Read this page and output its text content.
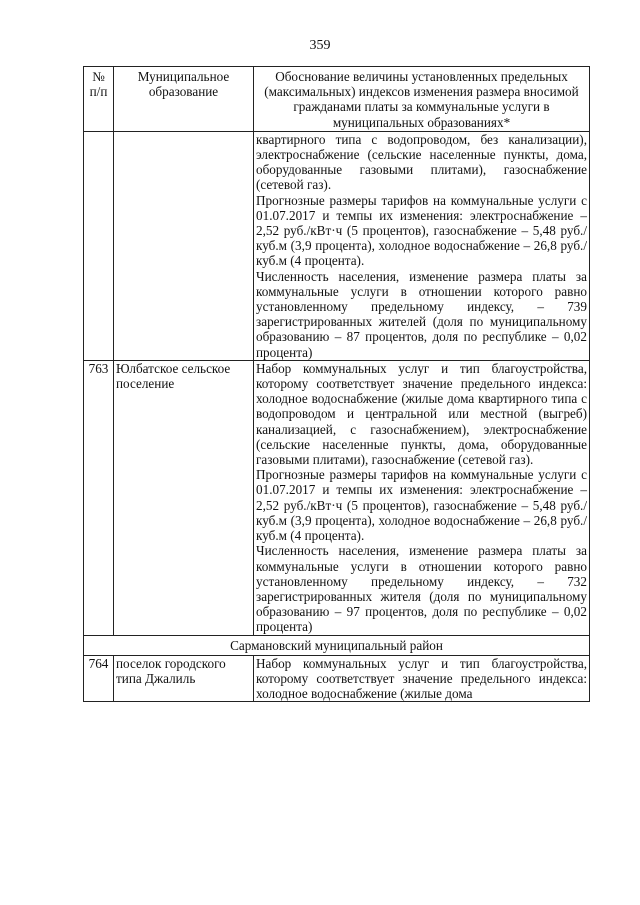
359
№ п/п	Муниципальное образование	Обоснование величины установленных предельных (максимальных) индексов изменения размера вносимой гражданами платы за коммунальные услуги в муниципальных образованиях*

		квартирного типа с водопроводом, без канализации), электроснабжение (сельские населенные пункты, дома, оборудованные газовыми плитами), газоснабжение (сетевой газ).
Прогнозные размеры тарифов на коммунальные услуги с 01.07.2017 и темпы их изменения: электроснабжение – 2,52 руб./кВт·ч (5 процентов), газоснабжение – 5,48 руб./куб.м (3,9 процента), холодное водоснабжение – 26,8 руб./куб.м (4 процента).
Численность населения, изменение размера платы за коммунальные услуги в отношении которого равно установленному предельному индексу, – 739 зарегистрированных жителей (доля по муниципальному образованию – 87 процентов, доля по республике – 0,02 процента)

763	Юлбатское сельское поселение	Набор коммунальных услуг и тип благоустройства, которому соответствует значение предельного индекса: холодное водоснабжение (жилые дома квартирного типа с водопроводом и центральной или местной (выгреб) канализацией, с газоснабжением), электроснабжение (сельские населенные пункты, дома, оборудованные газовыми плитами), газоснабжение (сетевой газ).
Прогнозные размеры тарифов на коммунальные услуги с 01.07.2017 и темпы их изменения: электроснабжение – 2,52 руб./кВт·ч (5 процентов), газоснабжение – 5,48 руб./куб.м (3,9 процента), холодное водоснабжение – 26,8 руб./куб.м (4 процента).
Численность населения, изменение размера платы за коммунальные услуги в отношении которого равно установленному предельному индексу, – 732 зарегистрированных жителя (доля по муниципальному образованию – 97 процентов, доля по республике – 0,02 процента)

Сармановский муниципальный район		
764	поселок городского типа Джалиль	Набор коммунальных услуг и тип благоустройства, которому соответствует значение предельного индекса: холодное водоснабжение (жилые дома
